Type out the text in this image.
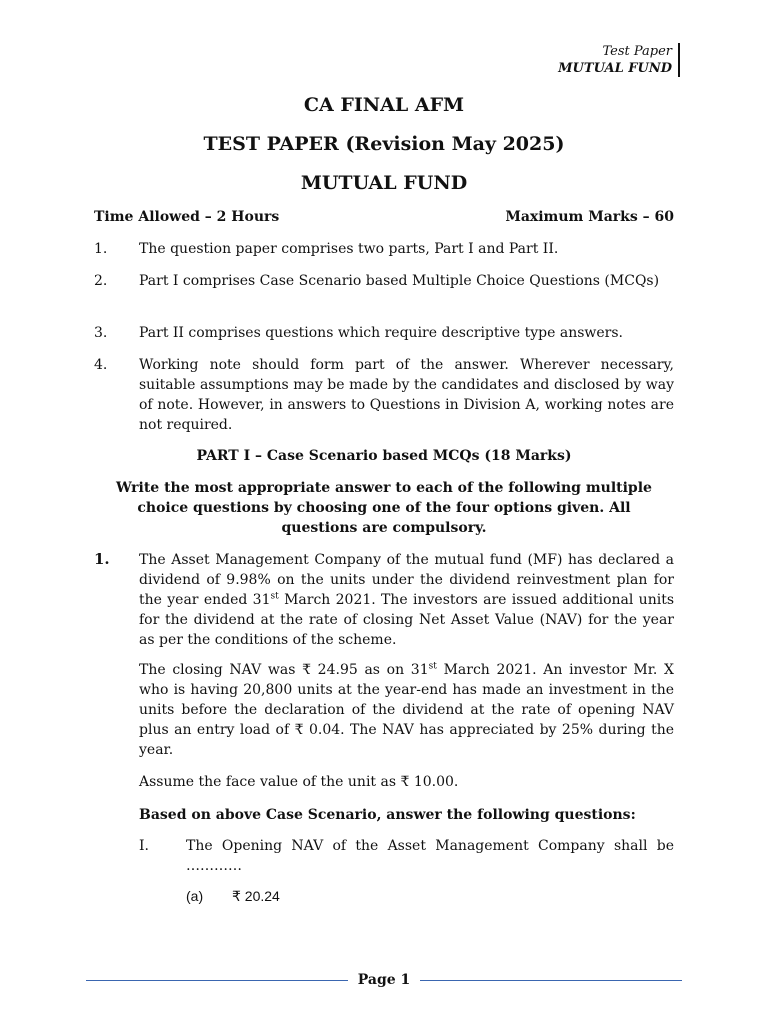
Test Paper
MUTUAL FUND
CA FINAL AFM
TEST PAPER (Revision May 2025)
MUTUAL FUND
Time Allowed – 2 Hours	Maximum Marks – 60
1.	The question paper comprises two parts, Part I and Part II.
2.	Part I comprises Case Scenario based Multiple Choice Questions (MCQs)
3.	Part II comprises questions which require descriptive type answers.
4.	Working note should form part of the answer. Wherever necessary, suitable assumptions may be made by the candidates and disclosed by way of note. However, in answers to Questions in Division A, working notes are not required.
PART I – Case Scenario based MCQs (18 Marks)
Write the most appropriate answer to each of the following multiple choice questions by choosing one of the four options given. All questions are compulsory.
1. The Asset Management Company of the mutual fund (MF) has declared a dividend of 9.98% on the units under the dividend reinvestment plan for the year ended 31st March 2021. The investors are issued additional units for the dividend at the rate of closing Net Asset Value (NAV) for the year as per the conditions of the scheme.
The closing NAV was ₹ 24.95 as on 31st March 2021. An investor Mr. X who is having 20,800 units at the year-end has made an investment in the units before the declaration of the dividend at the rate of opening NAV plus an entry load of ₹ 0.04. The NAV has appreciated by 25% during the year.
Assume the face value of the unit as ₹ 10.00.
Based on above Case Scenario, answer the following questions:
I.	The Opening NAV of the Asset Management Company shall be …………
(a)	₹ 20.24
Page 1
